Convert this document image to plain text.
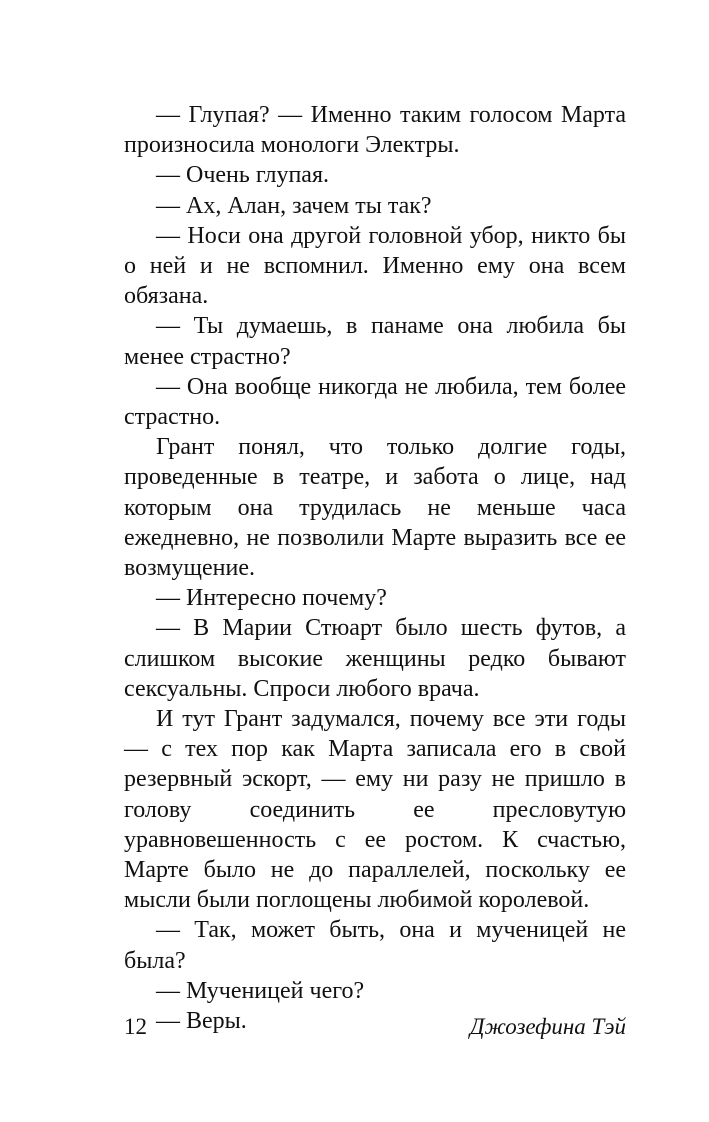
— Глупая? — Именно таким голосом Марта произносила монологи Электры.

— Очень глупая.

— Ах, Алан, зачем ты так?

— Носи она другой головной убор, никто бы о ней и не вспомнил. Именно ему она всем обязана.

— Ты думаешь, в панаме она любила бы менее страстно?

— Она вообще никогда не любила, тем более страстно.

Грант понял, что только долгие годы, проведенные в театре, и забота о лице, над которым она трудилась не меньше часа ежедневно, не позволили Марте выразить все ее возмущение.

— Интересно почему?

— В Марии Стюарт было шесть футов, а слишком высокие женщины редко бывают сексуальны. Спроси любого врача.

И тут Грант задумался, почему все эти годы — с тех пор как Марта записала его в свой резервный эскорт, — ему ни разу не пришло в голову соединить ее пресловутую уравновешенность с ее ростом. К счастью, Марте было не до параллелей, поскольку ее мысли были поглощены любимой королевой.

— Так, может быть, она и мученицей не была?

— Мученицей чего?

— Веры.

12	Джозефина Тэй
